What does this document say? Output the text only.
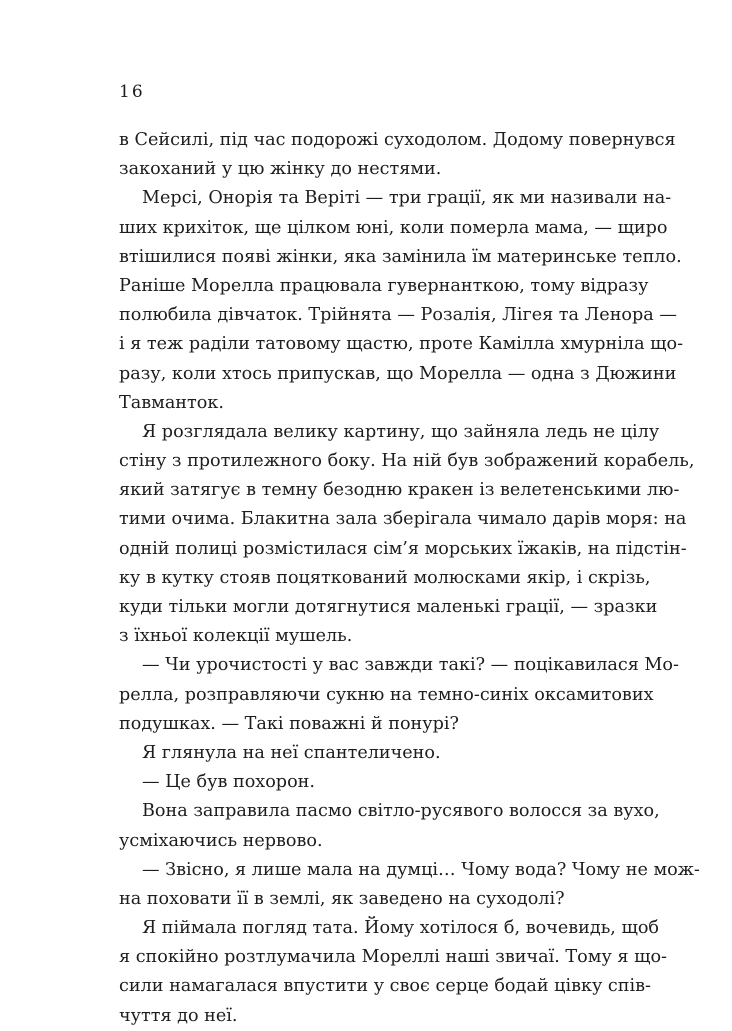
16
в Сейсилі, під час подорожі суходолом. Додому повернувся
закоханий у цю жінку до нестями.
Мерсі, Онорія та Веріті — три грації, як ми називали на-
ших крихіток, ще цілком юні, коли померла мама, — щиро
втішилися появі жінки, яка замінила їм материнське тепло.
Раніше Морелла працювала гувернанткою, тому відразу
полюбила дівчаток. Трійнята — Розалія, Лігея та Ленора —
і я теж раділи татовому щастю, проте Камілла хмурніла що-
разу, коли хтось припускав, що Морелла — одна з Дюжини
Тавманток.
Я розглядала велику картину, що зайняла ледь не цілу
стіну з протилежного боку. На ній був зображений корабель,
який затягує в темну безодню кракен із велетенськими лю-
тими очима. Блакитна зала зберігала чимало дарів моря: на
одній полиці розмістилася сім’я морських їжаків, на підстін-
ку в кутку стояв поцяткований молюсками якір, і скрізь,
куди тільки могли дотягнутися маленькі грації, — зразки
з їхньої колекції мушель.
— Чи урочистості у вас завжди такі? — поцікавилася Мо-
релла, розправляючи сукню на темно-синіх оксамитових
подушках. — Такі поважні й понурі?
Я глянула на неї спантеличено.
— Це був похорон.
Вона заправила пасмо світло-русявого волосся за вухо,
усміхаючись нервово.
— Звісно, я лише мала на думці… Чому вода? Чому не мож-
на поховати її в землі, як заведено на суходолі?
Я піймала погляд тата. Йому хотілося б, вочевидь, щоб
я спокійно розтлумачила Мореллі наші звичаї. Тому я що-
сили намагалася впустити у своє серце бодай цівку спів-
чуття до неї.
